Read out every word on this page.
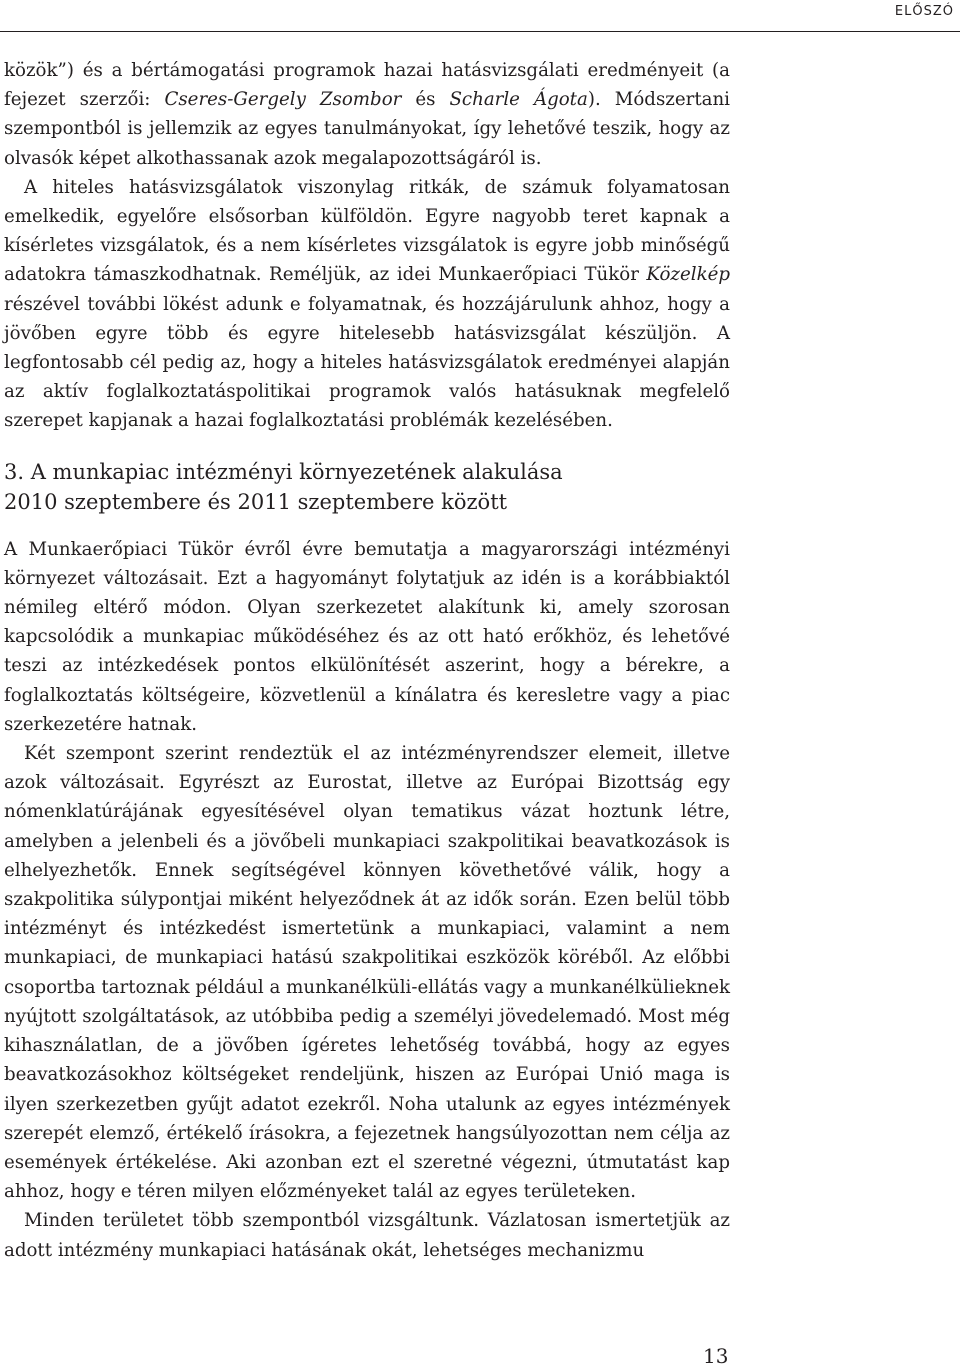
ELŐSZÓ

közök”) és a bértámogatási programok hazai hatásvizsgálati eredményeit (a fejezet szerzői: Cseres-Gergely Zsombor és Scharle Ágota). Módszertani szempontból is jellemzik az egyes tanulmányokat, így lehetővé teszik, hogy az olvasók képet alkothassanak azok megalapozottságáról is.

A hiteles hatásvizsgálatok viszonylag ritkák, de számuk folyamatosan emelkedik, egyelőre elsősorban külföldön. Egyre nagyobb teret kapnak a kísérletes vizsgálatok, és a nem kísérletes vizsgálatok is egyre jobb minőségű adatokra támaszkodhatnak. Reméljük, az idei Munkaerőpiaci Tükör Közelkép részével további lökést adunk e folyamatnak, és hozzájárulunk ahhoz, hogy a jövőben egyre több és egyre hitelesebb hatásvizsgálat készüljön. A legfontosabb cél pedig az, hogy a hiteles hatásvizsgálatok eredményei alapján az aktív foglalkoztatáspolitikai programok valós hatásuknak megfelelő szerepet kapjanak a hazai foglalkoztatási problémák kezelésében.

3. A munkapiac intézményi környezetének alakulása
2010 szeptembere és 2011 szeptembere között

A Munkaerőpiaci Tükör évről évre bemutatja a magyarországi intézményi környezet változásait. Ezt a hagyományt folytatjuk az idén is a korábbiaktól némileg eltérő módon. Olyan szerkezetet alakítunk ki, amely szorosan kapcsolódik a munkapiac működéséhez és az ott ható erőkhöz, és lehetővé teszi az intézkedések pontos elkülönítését aszerint, hogy a bérekre, a foglalkoztatás költségeire, közvetlenül a kínálatra és keresletre vagy a piac szerkezetére hatnak.

Két szempont szerint rendeztük el az intézményrendszer elemeit, illetve azok változásait. Egyrészt az Eurostat, illetve az Európai Bizottság egy nómenklatúrájának egyesítésével olyan tematikus vázat hoztunk létre, amelyben a jelenbeli és a jövőbeli munkapiaci szakpolitikai beavatkozások is elhelyezhetők. Ennek segítségével könnyen követhetővé válik, hogy a szakpolitika súlypontjai miként helyeződnek át az idők során. Ezen belül több intézményt és intézkedést ismertetünk a munkapiaci, valamint a nem munkapiaci, de munkapiaci hatású szakpolitikai eszközök köréből. Az előbbi csoportba tartoznak például a munkanélküli-ellátás vagy a munkanélkülieknek nyújtott szolgáltatások, az utóbbiba pedig a személyi jövedelemadó. Most még kihasználatlan, de a jövőben ígéretes lehetőség továbbá, hogy az egyes beavatkozásokhoz költségeket rendeljünk, hiszen az Európai Unió maga is ilyen szerkezetben gyűjt adatot ezekről. Noha utalunk az egyes intézmények szerepét elemző, értékelő írásokra, a fejezetnek hangsúlyozottan nem célja az események értékelése. Aki azonban ezt el szeretné végezni, útmutatást kap ahhoz, hogy e téren milyen előzményeket talál az egyes területeken.

Minden területet több szempontból vizsgáltunk. Vázlatosan ismertetjük az adott intézmény munkapiaci hatásának okát, lehetséges mechanizmu

13
